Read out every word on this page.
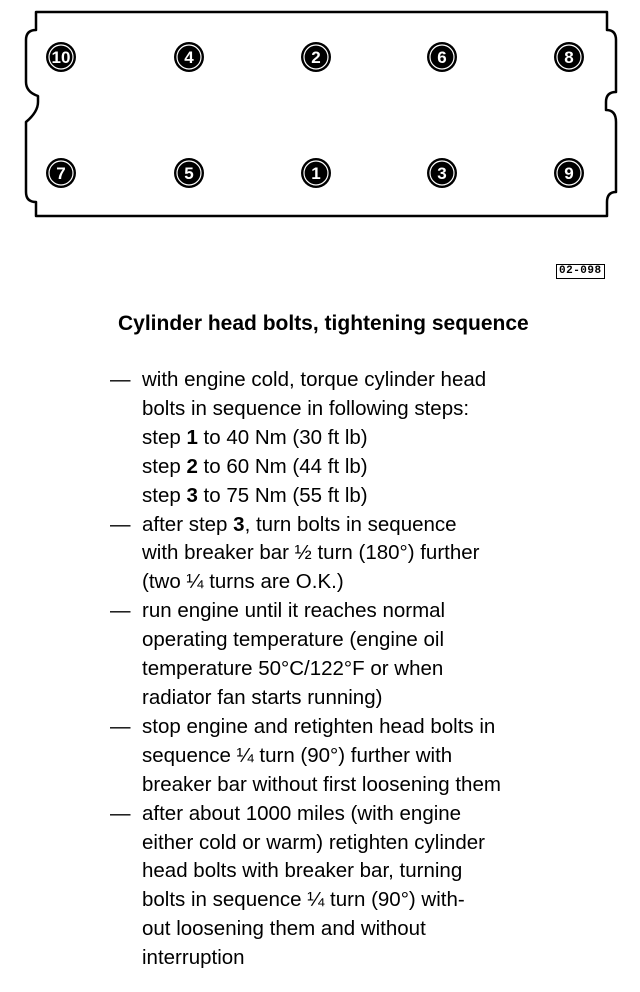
10	4	2	6	8
7	5	1	3	9
02-098
Cylinder head bolts, tightening sequence
— with engine cold, torque cylinder head
bolts in sequence in following steps:
step 1 to 40 Nm (30 ft lb)
step 2 to 60 Nm (44 ft lb)
step 3 to 75 Nm (55 ft lb)
— after step 3, turn bolts in sequence
with breaker bar ½ turn (180°) further
(two ¼ turns are O.K.)
— run engine until it reaches normal
operating temperature (engine oil
temperature 50°C/122°F or when
radiator fan starts running)
— stop engine and retighten head bolts in
sequence ¼ turn (90°) further with
breaker bar without first loosening them
— after about 1000 miles (with engine
either cold or warm) retighten cylinder
head bolts with breaker bar, turning
bolts in sequence ¼ turn (90°) with-
out loosening them and without
interruption
